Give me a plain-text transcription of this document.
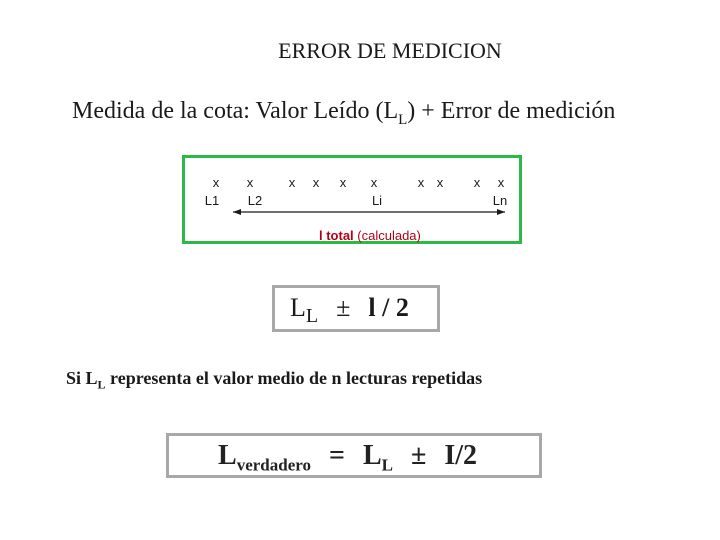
ERROR DE MEDICION
Medida de la cota: Valor Leído $(L_L)$ + Error de medición
x x	x x x x	x x x x
L1 L2	Li	Ln
l total (calculada)
$L_L \pm l / 2$
Si $L_L$ representa el valor medio de n lecturas repetidas
$L_{verdadero} = L_L \pm I/2$
